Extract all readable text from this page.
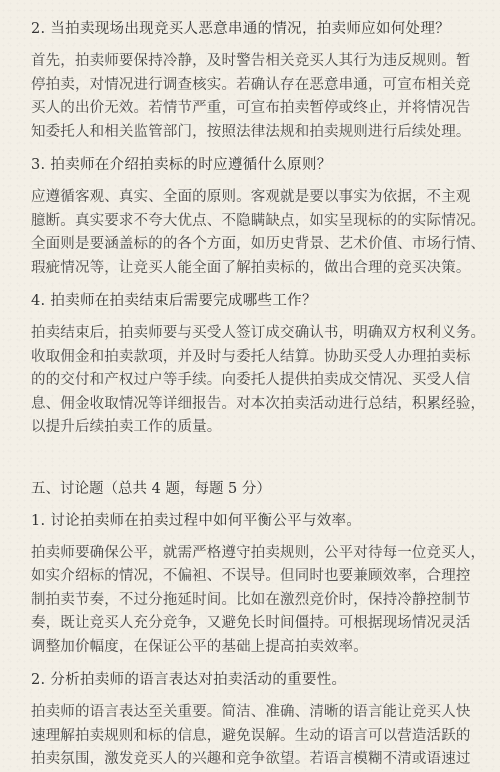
2. 当拍卖现场出现竞买人恶意串通的情况，拍卖师应如何处理？
首先，拍卖师要保持冷静，及时警告相关竞买人其行为违反规则。暂
停拍卖，对情况进行调查核实。若确认存在恶意串通，可宣布相关竞
买人的出价无效。若情节严重，可宣布拍卖暂停或终止，并将情况告
知委托人和相关监管部门，按照法律法规和拍卖规则进行后续处理。
3. 拍卖师在介绍拍卖标的时应遵循什么原则？
应遵循客观、真实、全面的原则。客观就是要以事实为依据，不主观
臆断。真实要求不夸大优点、不隐瞒缺点，如实呈现标的的实际情况。
全面则是要涵盖标的的各个方面，如历史背景、艺术价值、市场行情、
瑕疵情况等，让竞买人能全面了解拍卖标的，做出合理的竞买决策。
4. 拍卖师在拍卖结束后需要完成哪些工作？
拍卖结束后，拍卖师要与买受人签订成交确认书，明确双方权利义务。
收取佣金和拍卖款项，并及时与委托人结算。协助买受人办理拍卖标
的的交付和产权过户等手续。向委托人提供拍卖成交情况、买受人信
息、佣金收取情况等详细报告。对本次拍卖活动进行总结，积累经验，
以提升后续拍卖工作的质量。
五、讨论题（总共 4 题，每题 5 分）
1. 讨论拍卖师在拍卖过程中如何平衡公平与效率。
拍卖师要确保公平，就需严格遵守拍卖规则，公平对待每一位竞买人，
如实介绍标的情况，不偏袒、不误导。但同时也要兼顾效率，合理控
制拍卖节奏，不过分拖延时间。比如在激烈竞价时，保持冷静控制节
奏，既让竞买人充分竞争，又避免长时间僵持。可根据现场情况灵活
调整加价幅度，在保证公平的基础上提高拍卖效率。
2. 分析拍卖师的语言表达对拍卖活动的重要性。
拍卖师的语言表达至关重要。简洁、准确、清晰的语言能让竞买人快
速理解拍卖规则和标的信息，避免误解。生动的语言可以营造活跃的
拍卖氛围，激发竞买人的兴趣和竞争欲望。若语言模糊不清或语速过
